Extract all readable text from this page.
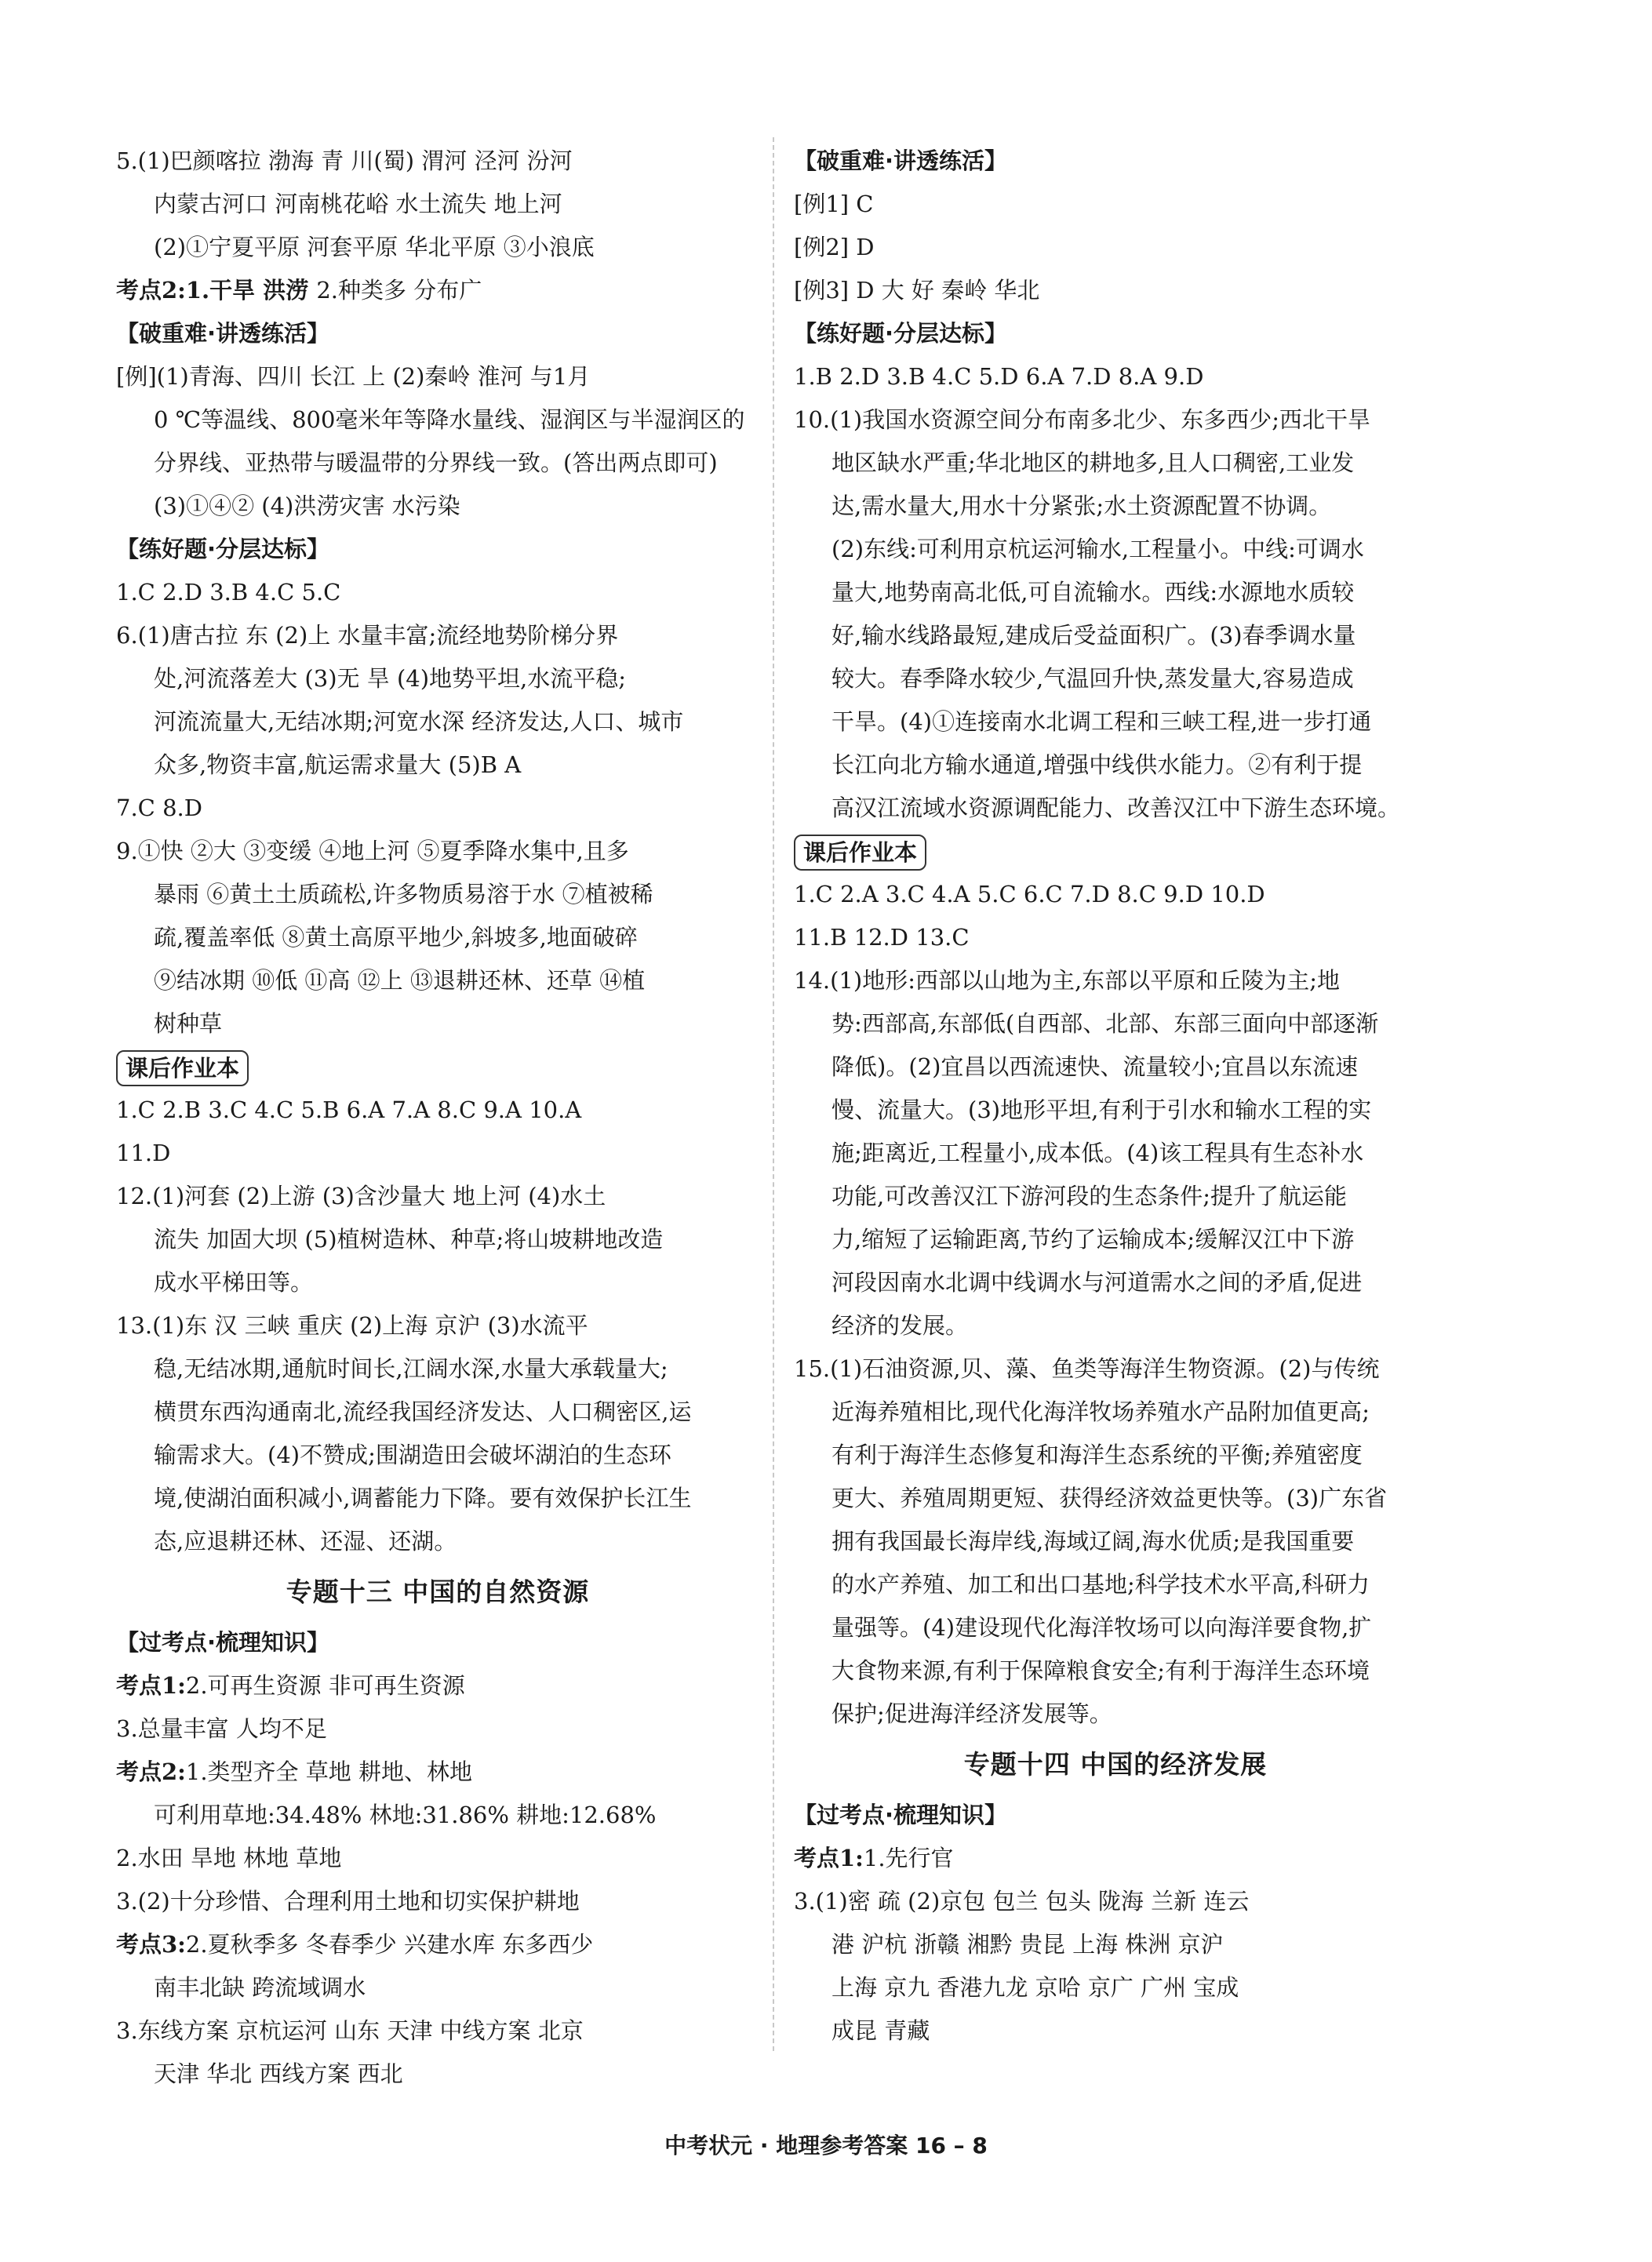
5.(1)巴颜喀拉 渤海 青 川(蜀) 渭河 泾河 汾河
内蒙古河口 河南桃花峪 水土流失 地上河
(2)①宁夏平原 河套平原 华北平原 ③小浪底
考点2:1.干旱 洪涝 2.种类多 分布广
【破重难·讲透练活】
[例](1)青海、四川 长江 上 (2)秦岭 淮河 与1月
0 ℃等温线、800毫米年等降水量线、湿润区与半湿润区的
分界线、亚热带与暖温带的分界线一致。(答出两点即可)
(3)①④② (4)洪涝灾害 水污染
【练好题·分层达标】
1.C 2.D 3.B 4.C 5.C
6.(1)唐古拉 东 (2)上 水量丰富;流经地势阶梯分界
处,河流落差大 (3)无 旱 (4)地势平坦,水流平稳;
河流流量大,无结冰期;河宽水深 经济发达,人口、城市
众多,物资丰富,航运需求量大 (5)B A
7.C 8.D
9.①快 ②大 ③变缓 ④地上河 ⑤夏季降水集中,且多
暴雨 ⑥黄土土质疏松,许多物质易溶于水 ⑦植被稀
疏,覆盖率低 ⑧黄土高原平地少,斜坡多,地面破碎
⑨结冰期 ⑩低 ⑪高 ⑫上 ⑬退耕还林、还草 ⑭植
树种草
课后作业本
1.C 2.B 3.C 4.C 5.B 6.A 7.A 8.C 9.A 10.A
11.D
12.(1)河套 (2)上游 (3)含沙量大 地上河 (4)水土
流失 加固大坝 (5)植树造林、种草;将山坡耕地改造
成水平梯田等。
13.(1)东 汉 三峡 重庆 (2)上海 京沪 (3)水流平
稳,无结冰期,通航时间长,江阔水深,水量大承载量大;
横贯东西沟通南北,流经我国经济发达、人口稠密区,运
输需求大。(4)不赞成;围湖造田会破坏湖泊的生态环
境,使湖泊面积减小,调蓄能力下降。要有效保护长江生
态,应退耕还林、还湿、还湖。
专题十三 中国的自然资源
【过考点·梳理知识】
考点1:2.可再生资源 非可再生资源
3.总量丰富 人均不足
考点2:1.类型齐全 草地 耕地、林地
可利用草地:34.48% 林地:31.86% 耕地:12.68%
2.水田 旱地 林地 草地
3.(2)十分珍惜、合理利用土地和切实保护耕地
考点3:2.夏秋季多 冬春季少 兴建水库 东多西少
南丰北缺 跨流域调水
3.东线方案 京杭运河 山东 天津 中线方案 北京
天津 华北 西线方案 西北
【破重难·讲透练活】
[例1] C
[例2] D
[例3] D 大 好 秦岭 华北
【练好题·分层达标】
1.B 2.D 3.B 4.C 5.D 6.A 7.D 8.A 9.D
10.(1)我国水资源空间分布南多北少、东多西少;西北干旱
地区缺水严重;华北地区的耕地多,且人口稠密,工业发
达,需水量大,用水十分紧张;水土资源配置不协调。
(2)东线:可利用京杭运河输水,工程量小。中线:可调水
量大,地势南高北低,可自流输水。西线:水源地水质较
好,输水线路最短,建成后受益面积广。(3)春季调水量
较大。春季降水较少,气温回升快,蒸发量大,容易造成
干旱。(4)①连接南水北调工程和三峡工程,进一步打通
长江向北方输水通道,增强中线供水能力。②有利于提
高汉江流域水资源调配能力、改善汉江中下游生态环境。
课后作业本
1.C 2.A 3.C 4.A 5.C 6.C 7.D 8.C 9.D 10.D
11.B 12.D 13.C
14.(1)地形:西部以山地为主,东部以平原和丘陵为主;地
势:西部高,东部低(自西部、北部、东部三面向中部逐渐
降低)。(2)宜昌以西流速快、流量较小;宜昌以东流速
慢、流量大。(3)地形平坦,有利于引水和输水工程的实
施;距离近,工程量小,成本低。(4)该工程具有生态补水
功能,可改善汉江下游河段的生态条件;提升了航运能
力,缩短了运输距离,节约了运输成本;缓解汉江中下游
河段因南水北调中线调水与河道需水之间的矛盾,促进
经济的发展。
15.(1)石油资源,贝、藻、鱼类等海洋生物资源。(2)与传统
近海养殖相比,现代化海洋牧场养殖水产品附加值更高;
有利于海洋生态修复和海洋生态系统的平衡;养殖密度
更大、养殖周期更短、获得经济效益更快等。(3)广东省
拥有我国最长海岸线,海域辽阔,海水优质;是我国重要
的水产养殖、加工和出口基地;科学技术水平高,科研力
量强等。(4)建设现代化海洋牧场可以向海洋要食物,扩
大食物来源,有利于保障粮食安全;有利于海洋生态环境
保护;促进海洋经济发展等。
专题十四 中国的经济发展
【过考点·梳理知识】
考点1:1.先行官
3.(1)密 疏 (2)京包 包兰 包头 陇海 兰新 连云
港 沪杭 浙赣 湘黔 贵昆 上海 株洲 京沪
上海 京九 香港九龙 京哈 京广 广州 宝成
成昆 青藏
中考状元 · 地理参考答案 16 – 8
